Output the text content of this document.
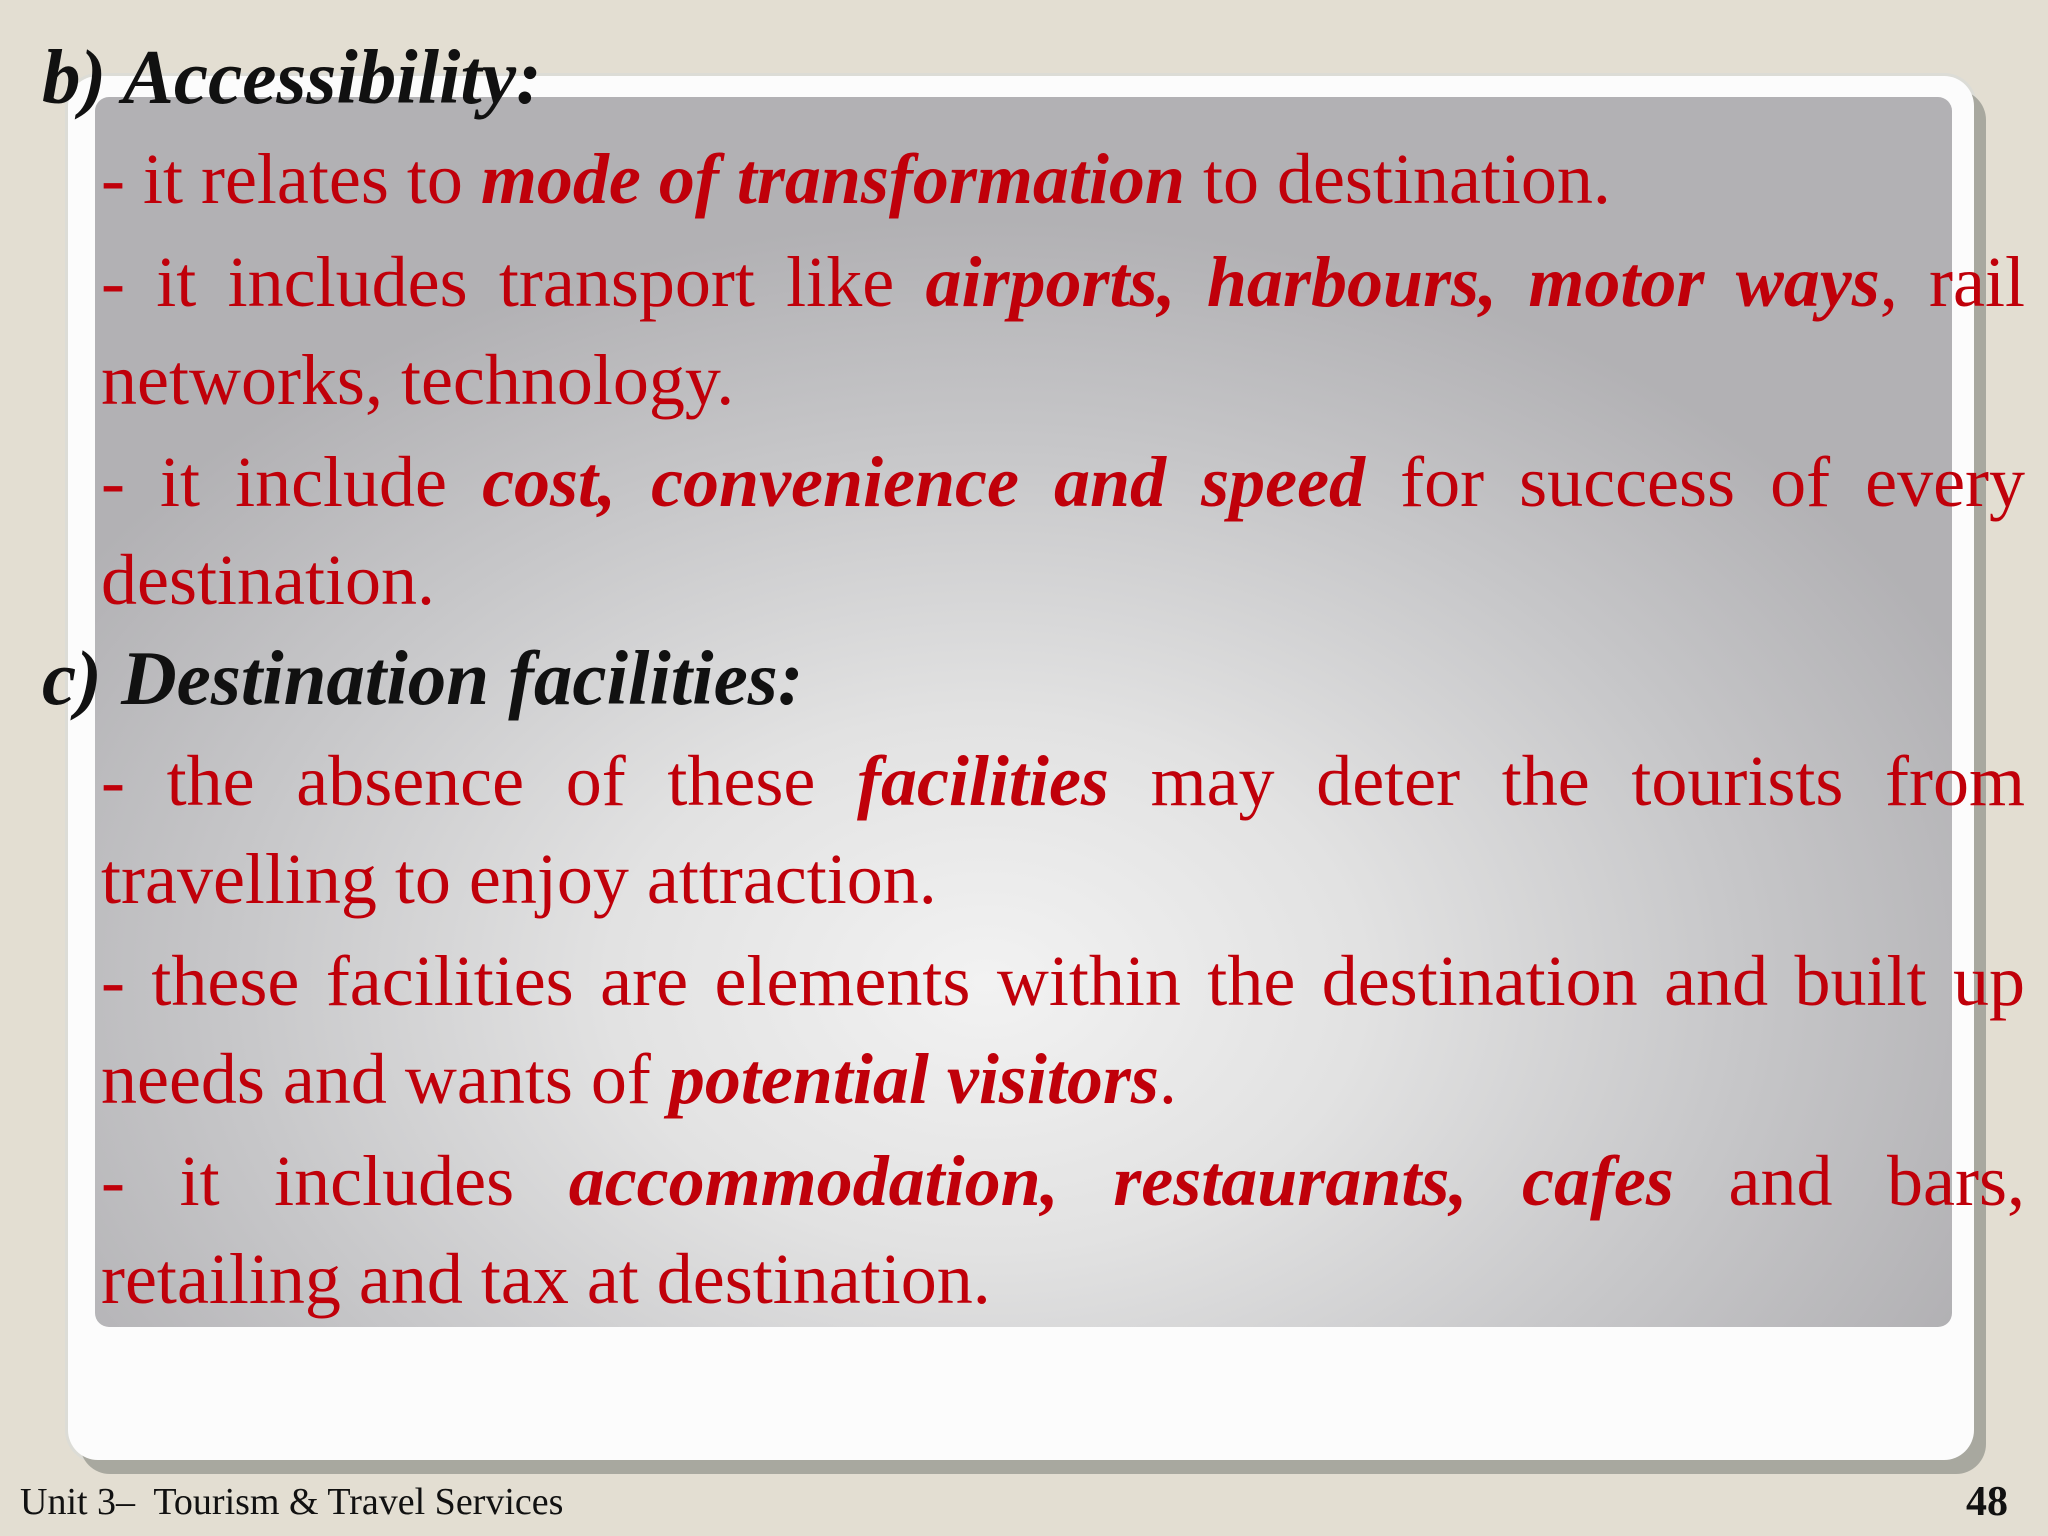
b) Accessibility:

- it relates to mode of transformation to destination.

- it includes transport like airports, harbours, motor ways, rail networks, technology.

- it include cost, convenience and speed for success of every destination.

c) Destination facilities:

- the absence of these facilities may deter the tourists from travelling to enjoy attraction.

- these facilities are elements within the destination and built up needs and wants of potential visitors.

- it includes accommodation, restaurants, cafes and bars, retailing and tax at destination.

Unit 3–  Tourism & Travel Services	48
